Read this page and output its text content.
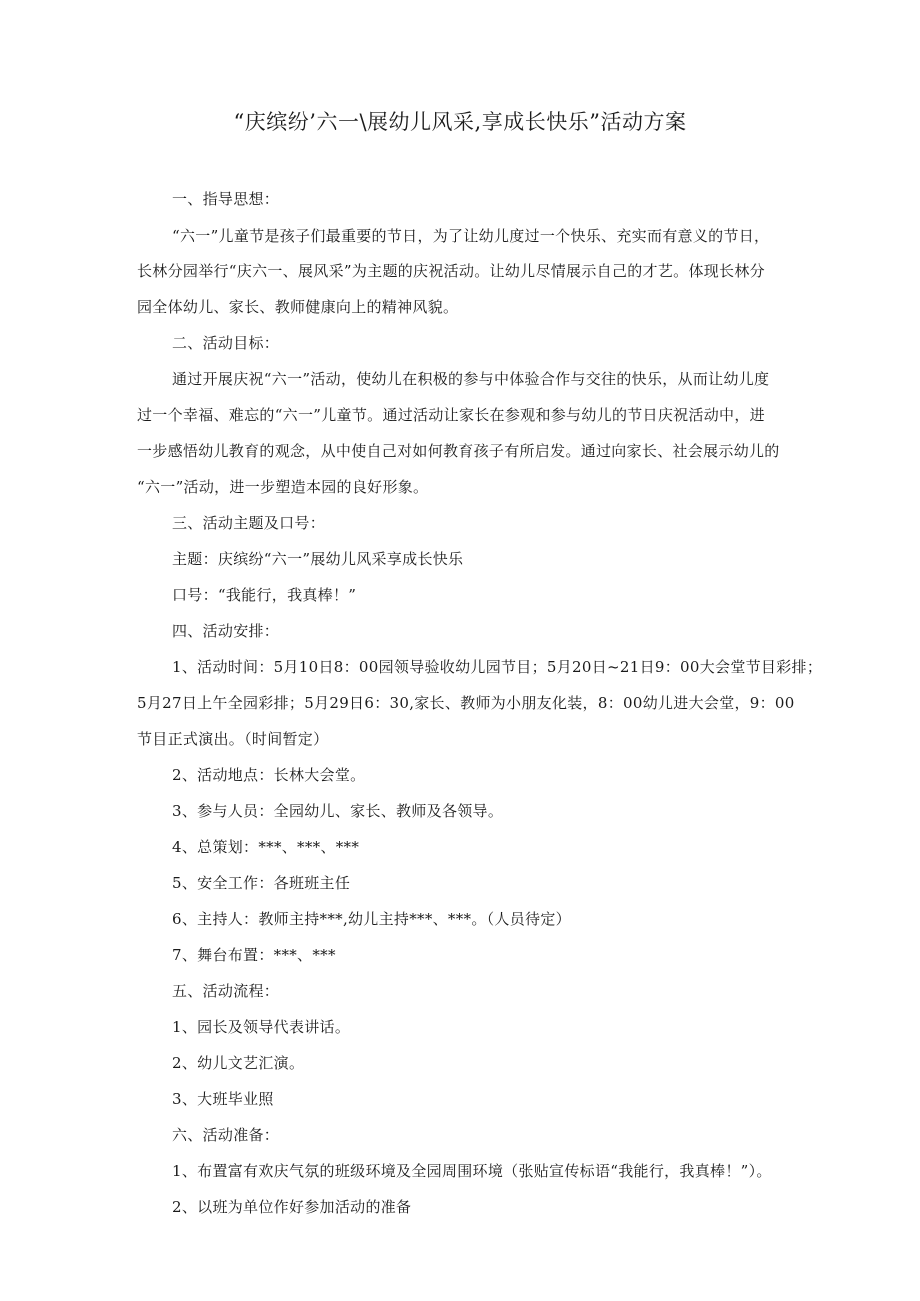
“庆缤纷’六一\展幼儿风采,享成长快乐”活动方案
一、指导思想：
“六一”儿童节是孩子们最重要的节日，为了让幼儿度过一个快乐、充实而有意义的节日，
长林分园举行“庆六一、展风采”为主题的庆祝活动。让幼儿尽情展示自己的才艺。体现长林分
园全体幼儿、家长、教师健康向上的精神风貌。
二、活动目标：
通过开展庆祝“六一”活动，使幼儿在积极的参与中体验合作与交往的快乐，从而让幼儿度
过一个幸福、难忘的“六一”儿童节。通过活动让家长在参观和参与幼儿的节日庆祝活动中，进
一步感悟幼儿教育的观念，从中使自己对如何教育孩子有所启发。通过向家长、社会展示幼儿的
“六一”活动，进一步塑造本园的良好形象。
三、活动主题及口号：
主题：庆缤纷“六一”展幼儿风采享成长快乐
口号：“我能行，我真棒！”
四、活动安排：
1、活动时间：5月10日8：00园领导验收幼儿园节目；5月20日~21日9：00大会堂节目彩排；
5月27日上午全园彩排；5月29日6：30,家长、教师为小朋友化装，8：00幼儿进大会堂，9：00
节目正式演出。（时间暂定）
2、活动地点：长林大会堂。
3、参与人员：全园幼儿、家长、教师及各领导。
4、总策划：***、***、***
5、安全工作：各班班主任
6、主持人：教师主持***,幼儿主持***、***。（人员待定）
7、舞台布置：***、***
五、活动流程：
1、园长及领导代表讲话。
2、幼儿文艺汇演。
3、大班毕业照
六、活动准备：
1、布置富有欢庆气氛的班级环境及全园周围环境（张贴宣传标语“我能行，我真棒！”）。
2、以班为单位作好参加活动的准备
